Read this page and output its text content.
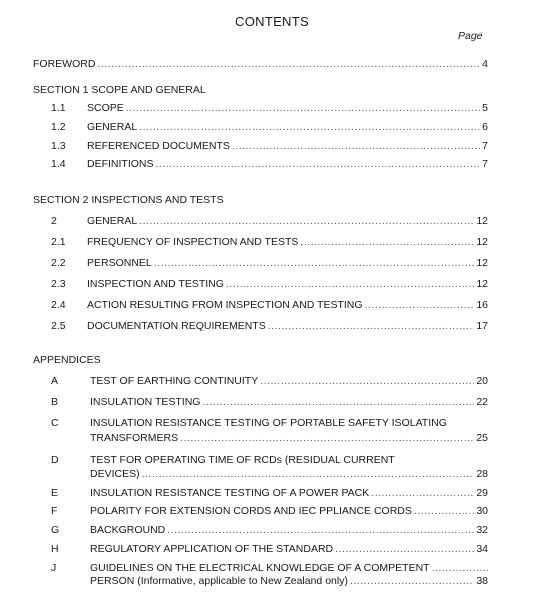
CONTENTS
Page
FOREWORD .....	4
SECTION 1 SCOPE AND GENERAL
1.1 SCOPE .....	5
1.2 GENERAL .....	6
1.3 REFERENCED DOCUMENTS .....	7
1.4 DEFINITIONS .....	7
SECTION 2 INSPECTIONS AND TESTS
2	GENERAL .....	12
2.1 FREQUENCY OF INSPECTION AND TESTS .....	12
2.2 PERSONNEL .....	12
2.3 INSPECTION AND TESTING .....	12
2.4 ACTION RESULTING FROM INSPECTION AND TESTING .....	16
2.5 DOCUMENTATION REQUIREMENTS .....	17
APPENDICES
A	TEST OF EARTHING CONTINUITY .....	20
B	INSULATION TESTING .....	22
C	INSULATION RESISTANCE TESTING OF PORTABLE SAFETY ISOLATING
TRANSFORMERS .....	25
D	TEST FOR OPERATING TIME OF RCDs (RESIDUAL CURRENT
DEVICES) .....	28
E	INSULATION RESISTANCE TESTING OF A POWER PACK .....	29
F	POLARITY FOR EXTENSION CORDS AND IEC PPLIANCE CORDS .....	30
G	BACKGROUND .....	32
H	REGULATORY APPLICATION OF THE STANDARD .....	34
J	GUIDELINES ON THE ELECTRICAL KNOWLEDGE OF A COMPETENT
.....
PERSON (Informative, applicable to New Zealand only) .....	38
